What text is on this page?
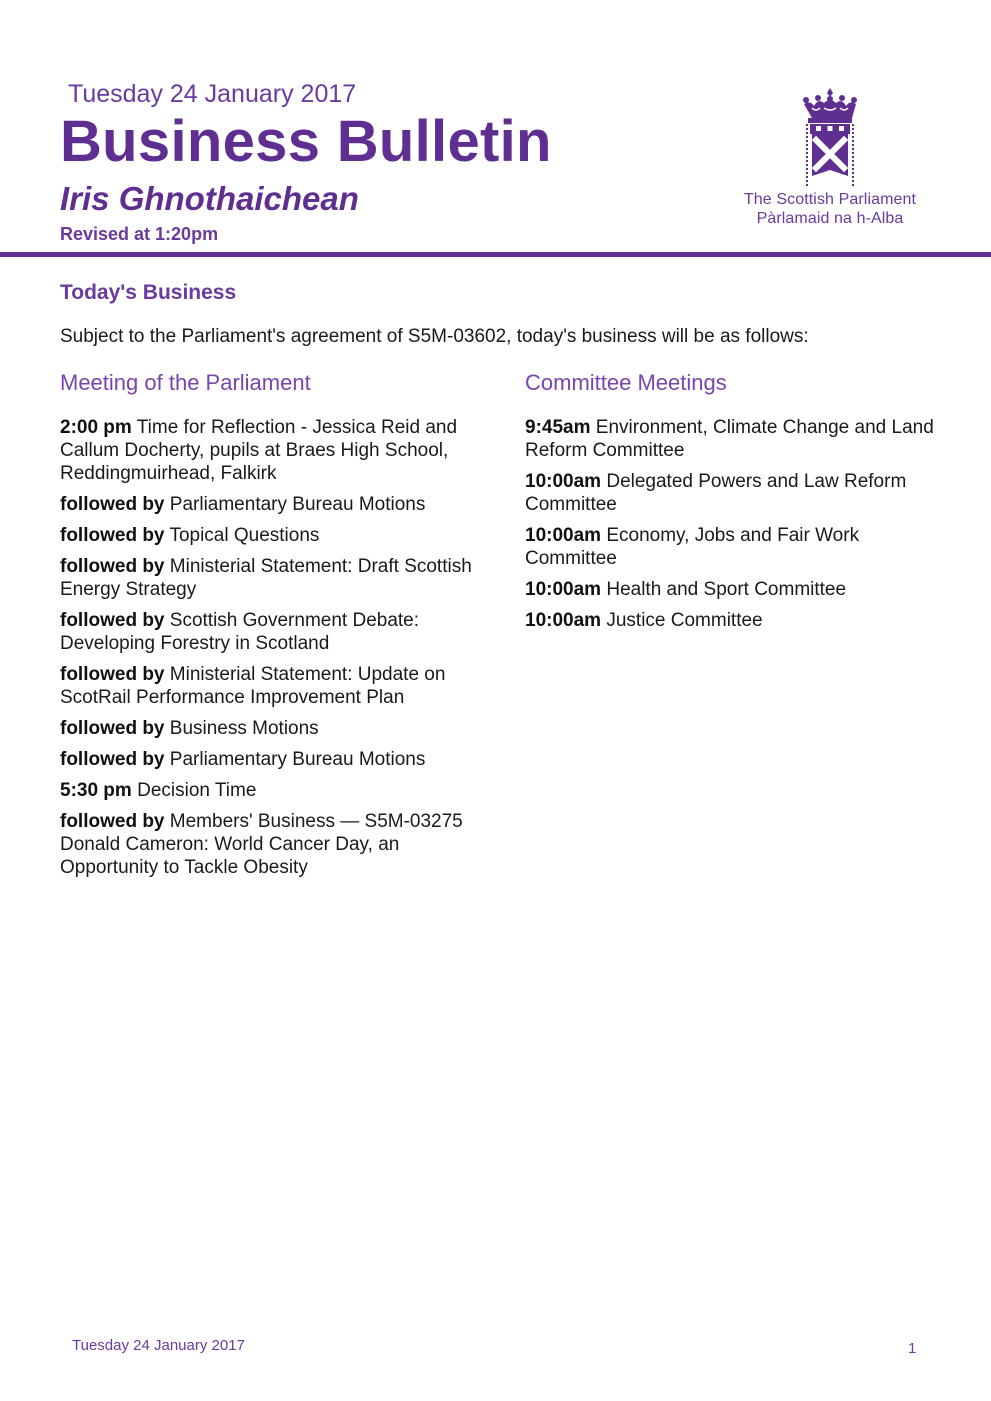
Tuesday 24 January 2017
Business Bulletin
Iris Ghnothaichean
Revised at 1:20pm
The Scottish Parliament
Pàrlamaid na h-Alba
Today's Business
Subject to the Parliament's agreement of S5M-03602, today's business will be as follows:
Meeting of the Parliament
2:00 pm Time for Reflection - Jessica Reid and Callum Docherty, pupils at Braes High School, Reddingmuirhead, Falkirk
followed by Parliamentary Bureau Motions
followed by Topical Questions
followed by Ministerial Statement: Draft Scottish Energy Strategy
followed by Scottish Government Debate: Developing Forestry in Scotland
followed by Ministerial Statement: Update on ScotRail Performance Improvement Plan
followed by Business Motions
followed by Parliamentary Bureau Motions
5:30 pm Decision Time
followed by Members' Business — S5M-03275 Donald Cameron: World Cancer Day, an Opportunity to Tackle Obesity
Committee Meetings
9:45am Environment, Climate Change and Land Reform Committee
10:00am Delegated Powers and Law Reform Committee
10:00am Economy, Jobs and Fair Work Committee
10:00am Health and Sport Committee
10:00am Justice Committee
Tuesday 24 January 2017	1
